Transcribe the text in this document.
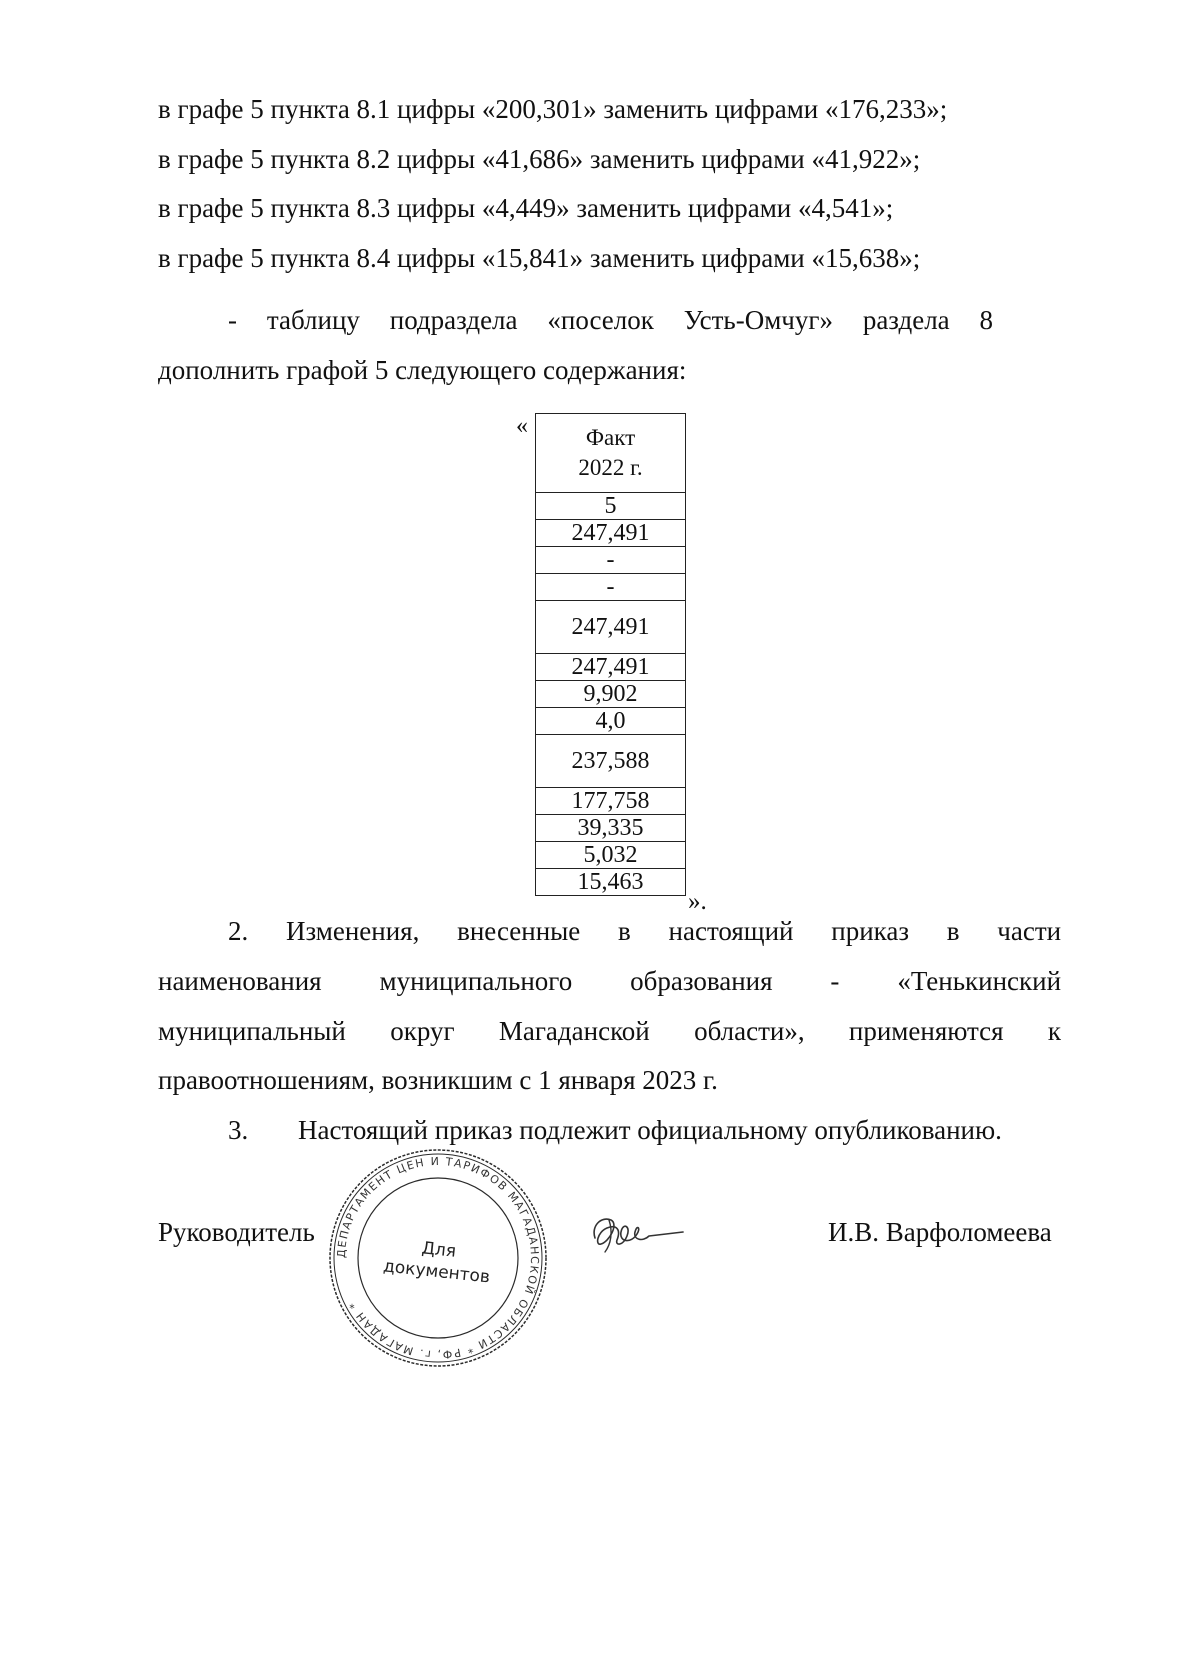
в графе 5 пункта 8.1 цифры «200,301» заменить цифрами «176,233»;
в графе 5 пункта 8.2 цифры «41,686» заменить цифрами «41,922»;
в графе 5 пункта 8.3 цифры «4,449» заменить цифрами «4,541»;
в графе 5 пункта 8.4 цифры «15,841» заменить цифрами «15,638»;
- таблицу подраздела «поселок Усть-Омчуг» раздела 8
дополнить графой 5 следующего содержания:
«	Факт
2022 г.

5
247,491
-
-
247,491
247,491
9,902
4,0
237,588
177,758
39,335
5,032
15,463
».
2. Изменения, внесенные в настоящий приказ в части
наименования муниципального образования - «Тенькинский
муниципальный округ Магаданской области», применяются к
правоотношениям, возникшим с 1 января 2023 г.
3. Настоящий приказ подлежит официальному опубликованию.
Руководитель	И.В. Варфоломеева
ДЕПАРТАМЕНТ ЦЕН И ТАРИФОВ МАГАДАНСКОЙ ОБЛАСТИ * РФ, г. МАГАДАН *
Для
документов
